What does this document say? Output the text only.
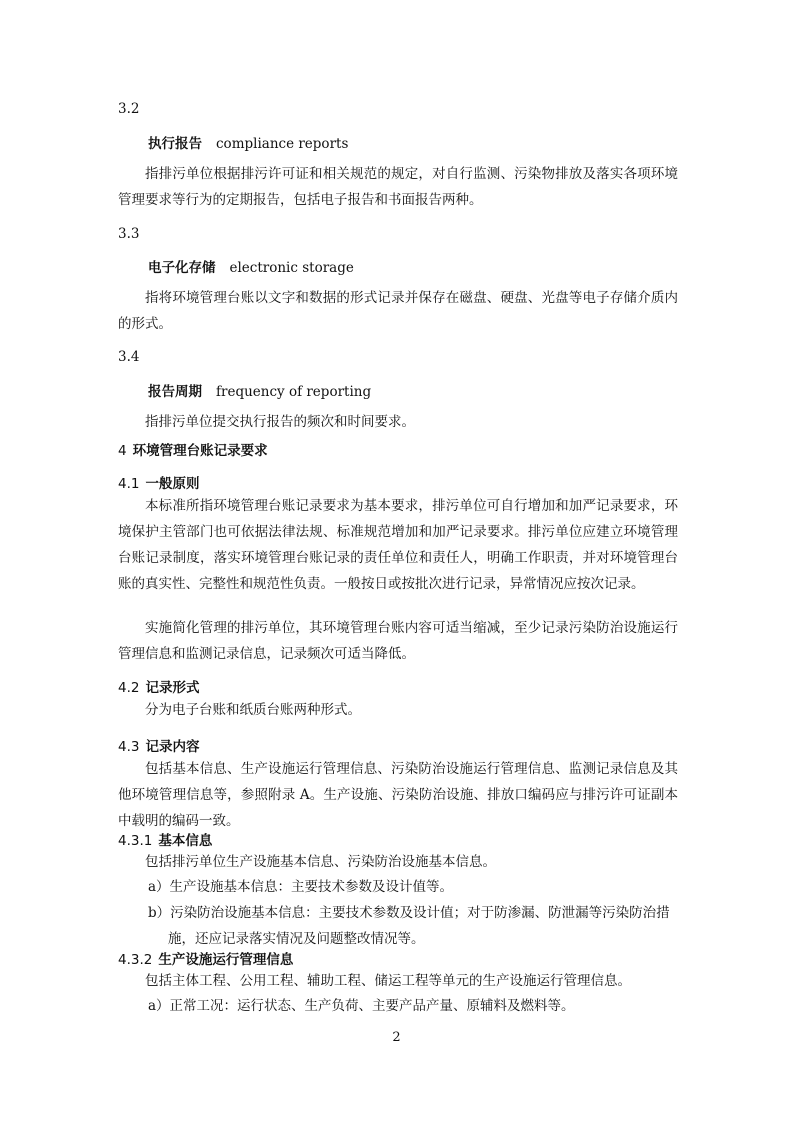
3.2

执行报告 compliance reports

指排污单位根据排污许可证和相关规范的规定，对自行监测、污染物排放及落实各项环境管理要求等行为的定期报告，包括电子报告和书面报告两种。

3.3

电子化存储 electronic storage

指将环境管理台账以文字和数据的形式记录并保存在磁盘、硬盘、光盘等电子存储介质内的形式。

3.4

报告周期 frequency of reporting

指排污单位提交执行报告的频次和时间要求。

4 环境管理台账记录要求

4.1 一般原则

本标准所指环境管理台账记录要求为基本要求，排污单位可自行增加和加严记录要求，环境保护主管部门也可依据法律法规、标准规范增加和加严记录要求。排污单位应建立环境管理台账记录制度，落实环境管理台账记录的责任单位和责任人，明确工作职责，并对环境管理台账的真实性、完整性和规范性负责。一般按日或按批次进行记录，异常情况应按次记录。

实施简化管理的排污单位，其环境管理台账内容可适当缩减，至少记录污染防治设施运行管理信息和监测记录信息，记录频次可适当降低。

4.2 记录形式

分为电子台账和纸质台账两种形式。

4.3 记录内容

包括基本信息、生产设施运行管理信息、污染防治设施运行管理信息、监测记录信息及其他环境管理信息等，参照附录 A。生产设施、污染防治设施、排放口编码应与排污许可证副本中载明的编码一致。

4.3.1 基本信息

包括排污单位生产设施基本信息、污染防治设施基本信息。

a）生产设施基本信息：主要技术参数及设计值等。

b）污染防治设施基本信息：主要技术参数及设计值；对于防渗漏、防泄漏等污染防治措施，还应记录落实情况及问题整改情况等。

4.3.2 生产设施运行管理信息

包括主体工程、公用工程、辅助工程、储运工程等单元的生产设施运行管理信息。

a）正常工况：运行状态、生产负荷、主要产品产量、原辅料及燃料等。

2
